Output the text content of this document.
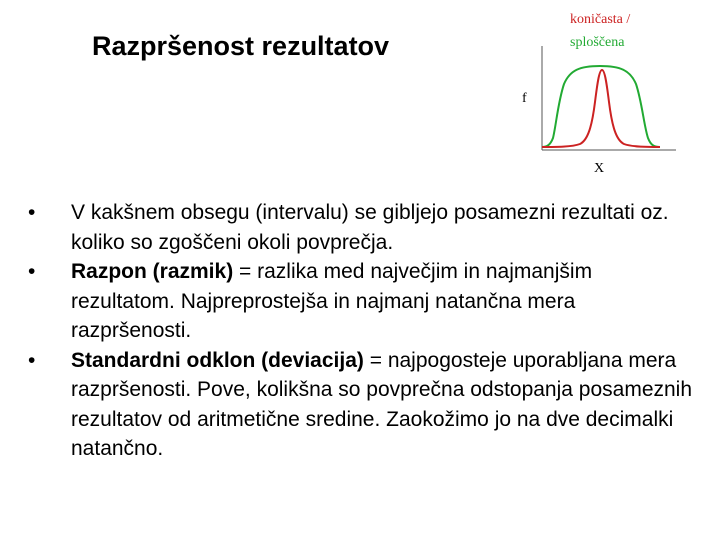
Razpršenost rezultatov
koničasta /
sploščena
f
X
•	V kakšnem obsegu (intervalu) se gibljejo posamezni rezultati oz. koliko so zgoščeni okoli povprečja.
•	Razpon (razmik) = razlika med največjim in najmanjšim rezultatom. Najpreprostejša in najmanj natančna mera razpršenosti.
•	Standardni odklon (deviacija) = najpogosteje uporabljana mera razpršenosti. Pove, kolikšna so povprečna odstopanja posameznih rezultatov od aritmetične sredine. Zaokožimo jo na dve decimalki natančno.
